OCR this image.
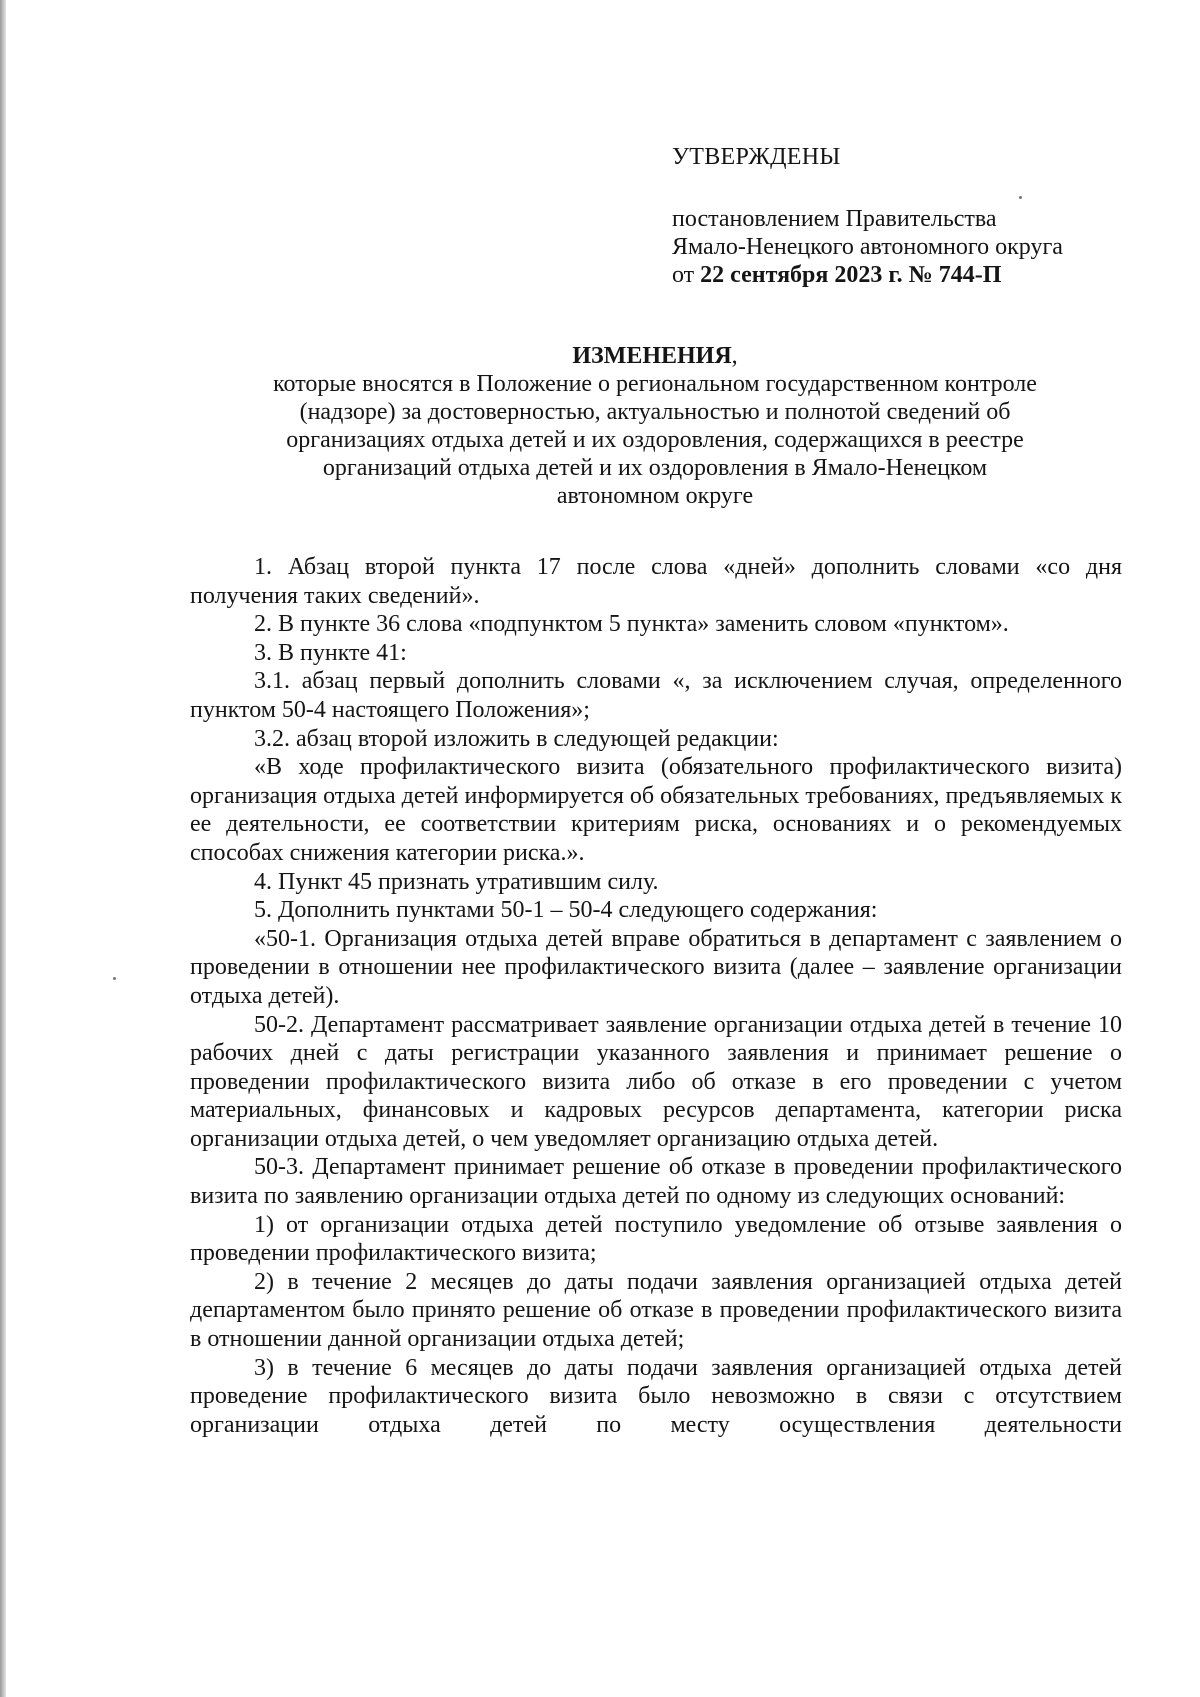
УТВЕРЖДЕНЫ

постановлением Правительства

Ямало-Ненецкого автономного округа

от 22 сентября 2023 г. № 744-П

ИЗМЕНЕНИЯ,

которые вносятся в Положение о региональном государственном контроле

(надзоре) за достоверностью, актуальностью и полнотой сведений об

организациях отдыха детей и их оздоровления, содержащихся в реестре

организаций отдыха детей и их оздоровления в Ямало-Ненецком

автономном округе

1. Абзац второй пункта 17 после слова «дней» дополнить словами «со дня получения таких сведений».

2. В пункте 36 слова «подпунктом 5 пункта» заменить словом «пунктом».

3. В пункте 41:

3.1. абзац первый дополнить словами «, за исключением случая, определенного пунктом 50-4 настоящего Положения»;

3.2. абзац второй изложить в следующей редакции:

«В ходе профилактического визита (обязательного профилактического визита) организация отдыха детей информируется об обязательных требованиях, предъявляемых к ее деятельности, ее соответствии критериям риска, основаниях и о рекомендуемых способах снижения категории риска.».

4. Пункт 45 признать утратившим силу.

5. Дополнить пунктами 50-1 – 50-4 следующего содержания:

«50-1. Организация отдыха детей вправе обратиться в департамент с заявлением о проведении в отношении нее профилактического визита (далее – заявление организации отдыха детей).

50-2. Департамент рассматривает заявление организации отдыха детей в течение 10 рабочих дней с даты регистрации указанного заявления и принимает решение о проведении профилактического визита либо об отказе в его проведении с учетом материальных, финансовых и кадровых ресурсов департамента, категории риска организации отдыха детей, о чем уведомляет организацию отдыха детей.

50-3. Департамент принимает решение об отказе в проведении профилактического визита по заявлению организации отдыха детей по одному из следующих оснований:

1) от организации отдыха детей поступило уведомление об отзыве заявления о проведении профилактического визита;

2) в течение 2 месяцев до даты подачи заявления организацией отдыха детей департаментом было принято решение об отказе в проведении профилактического визита в отношении данной организации отдыха детей;

3) в течение 6 месяцев до даты подачи заявления организацией отдыха детей проведение профилактического визита было невозможно в связи с отсутствием организации отдыха детей по месту осуществления деятельности
